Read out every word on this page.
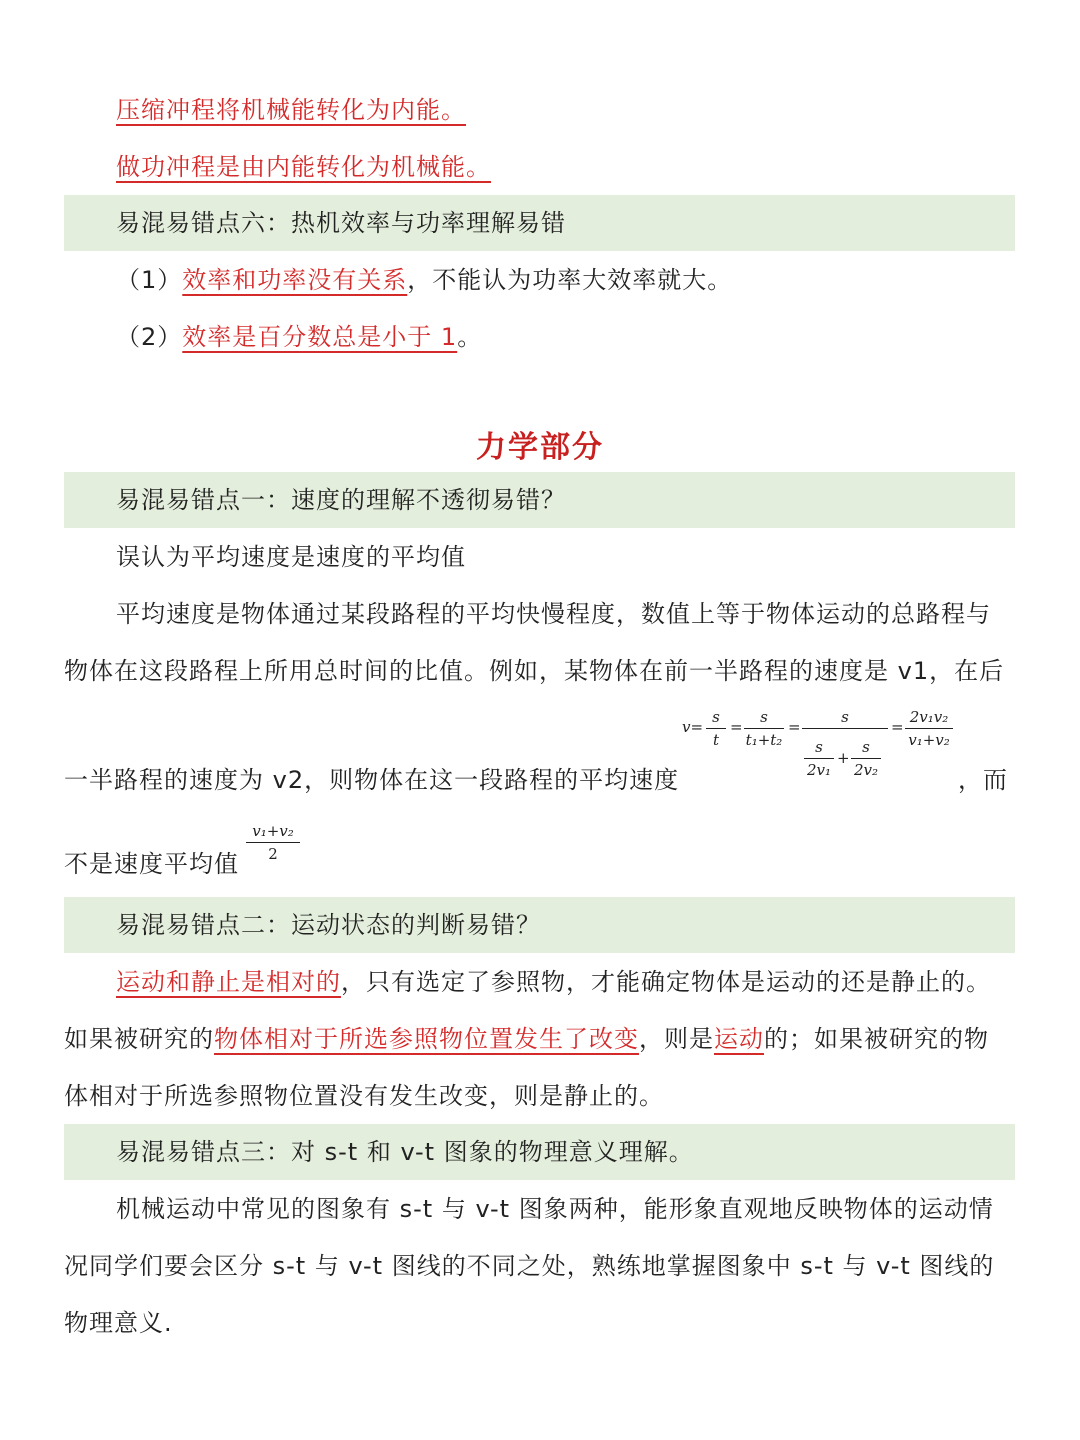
压缩冲程将机械能转化为内能。
做功冲程是由内能转化为机械能。
易混易错点六：热机效率与功率理解易错
（1）效率和功率没有关系，不能认为功率大效率就大。
（2）效率是百分数总是小于 1。
力学部分
易混易错点一：速度的理解不透彻易错？
误认为平均速度是速度的平均值
平均速度是物体通过某段路程的平均快慢程度，数值上等于物体运动的总路程与
物体在这段路程上所用总时间的比值。例如，某物体在前一半路程的速度是 v1，在后
一半路程的速度为 v2，则物体在这一段路程的平均速度	，而
不是速度平均值
v=
s
t
=
s
t₁+t₂
=
s
s
2v₁
+
s
2v₂
=
2v₁v₂
v₁+v₂
v₁+v₂
2
易混易错点二：运动状态的判断易错？
运动和静止是相对的，只有选定了参照物，才能确定物体是运动的还是静止的。
如果被研究的物体相对于所选参照物位置发生了改变，则是运动的；如果被研究的物
体相对于所选参照物位置没有发生改变，则是静止的。
易混易错点三：对 s-t 和 v-t 图象的物理意义理解。
机械运动中常见的图象有 s-t 与 v-t 图象两种，能形象直观地反映物体的运动情
况同学们要会区分 s-t 与 v-t 图线的不同之处，熟练地掌握图象中 s-t 与 v-t 图线的
物理意义.
